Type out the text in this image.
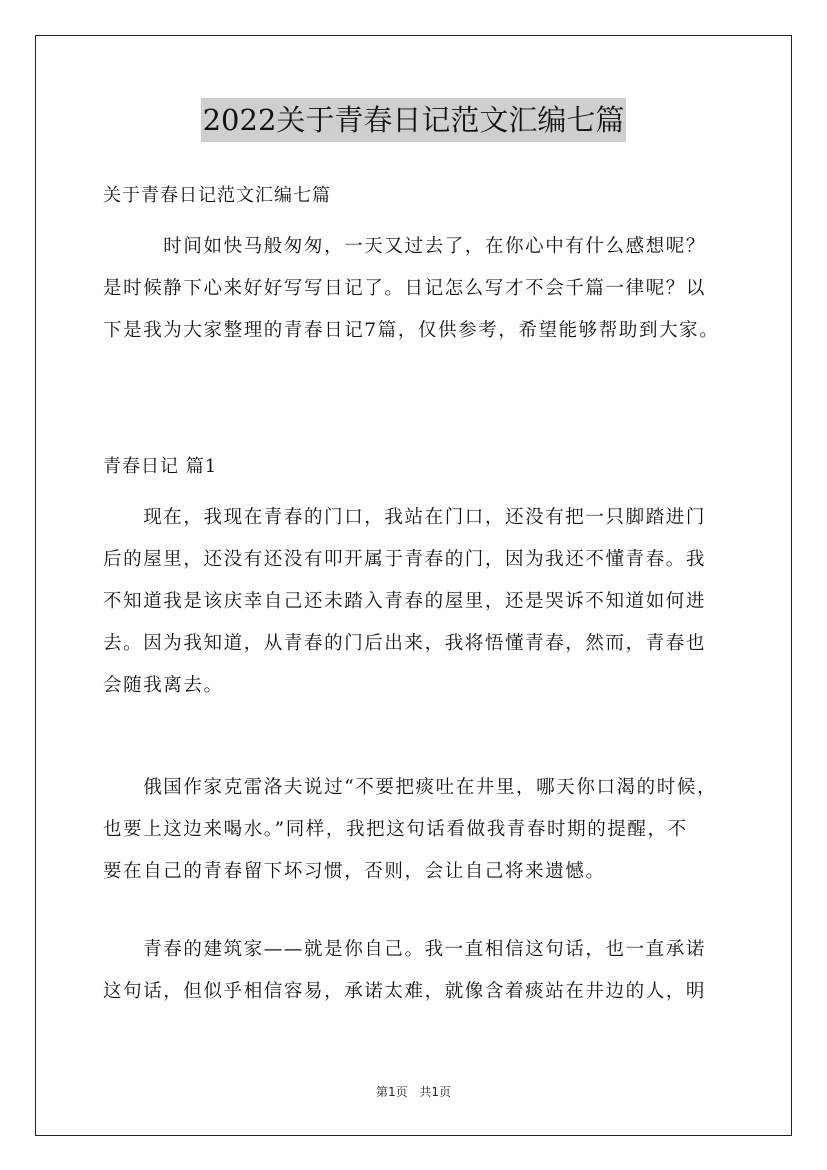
2022关于青春日记范文汇编七篇
关于青春日记范文汇编七篇
　　　时间如快马般匆匆，一天又过去了，在你心中有什么感想呢？
是时候静下心来好好写写日记了。日记怎么写才不会千篇一律呢？以
下是我为大家整理的青春日记7篇，仅供参考，希望能够帮助到大家。
青春日记 篇1
　　现在，我现在青春的门口，我站在门口，还没有把一只脚踏进门
后的屋里，还没有还没有叩开属于青春的门，因为我还不懂青春。我
不知道我是该庆幸自己还未踏入青春的屋里，还是哭诉不知道如何进
去。因为我知道，从青春的门后出来，我将悟懂青春，然而，青春也
会随我离去。
　　俄国作家克雷洛夫说过“不要把痰吐在井里，哪天你口渴的时候，
也要上这边来喝水。”同样，我把这句话看做我青春时期的提醒，不
要在自己的青春留下坏习惯，否则，会让自己将来遗憾。
　　青春的建筑家——就是你自己。我一直相信这句话，也一直承诺
这句话，但似乎相信容易，承诺太难，就像含着痰站在井边的人，明
第1页 共1页
